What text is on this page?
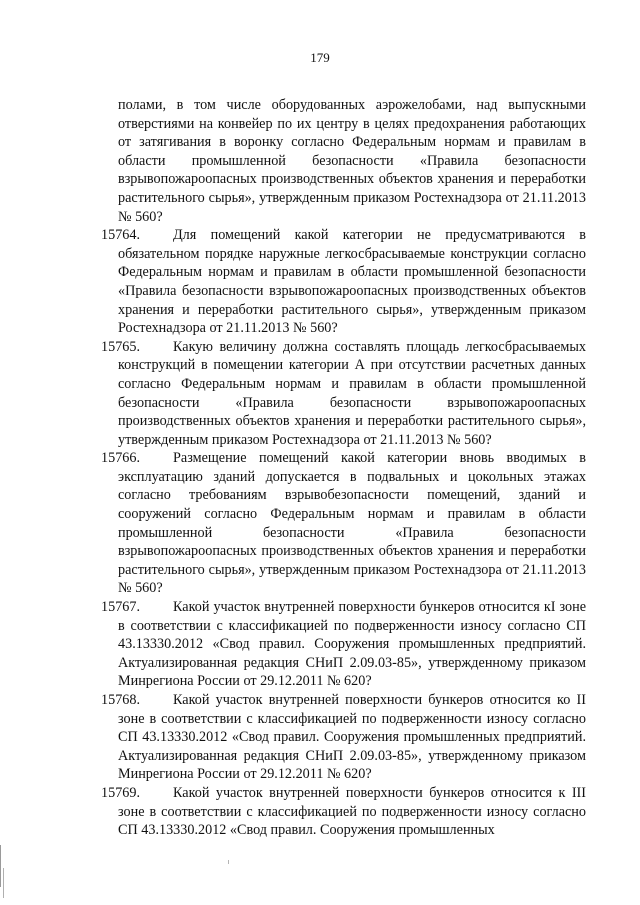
179

полами, в том числе оборудованных аэрожелобами, над выпускными отверстиями на конвейер по их центру в целях предохранения работающих от затягивания в воронку согласно Федеральным нормам и правилам в области промышленной безопасности «Правила безопасности взрывопожароопасных производственных объектов хранения и переработки растительного сырья», утвержденным приказом Ростехнадзора от 21.11.2013 № 560?

15764. Для помещений какой категории не предусматриваются в обязательном порядке наружные легкосбрасываемые конструкции согласно Федеральным нормам и правилам в области промышленной безопасности «Правила безопасности взрывопожароопасных производственных объектов хранения и переработки растительного сырья», утвержденным приказом Ростехнадзора от 21.11.2013 № 560?
15765. Какую величину должна составлять площадь легкосбрасываемых конструкций в помещении категории А при отсутствии расчетных данных согласно Федеральным нормам и правилам в области промышленной безопасности «Правила безопасности взрывопожароопасных производственных объектов хранения и переработки растительного сырья», утвержденным приказом Ростехнадзора от 21.11.2013 № 560?
15766. Размещение помещений какой категории вновь вводимых в эксплуатацию зданий допускается в подвальных и цокольных этажах согласно требованиям взрывобезопасности помещений, зданий и сооружений согласно Федеральным нормам и правилам в области промышленной безопасности «Правила безопасности взрывопожароопасных производственных объектов хранения и переработки растительного сырья», утвержденным приказом Ростехнадзора от 21.11.2013 № 560?
15767. Какой участок внутренней поверхности бункеров относится кI зоне в соответствии с классификацией по подверженности износу согласно СП 43.13330.2012 «Свод правил. Сооружения промышленных предприятий. Актуализированная редакция СНиП 2.09.03-85», утвержденному приказом Минрегиона России от 29.12.2011 № 620?
15768. Какой участок внутренней поверхности бункеров относится ко II зоне в соответствии с классификацией по подверженности износу согласно СП 43.13330.2012 «Свод правил. Сооружения промышленных предприятий. Актуализированная редакция СНиП 2.09.03-85», утвержденному приказом Минрегиона России от 29.12.2011 № 620?
15769. Какой участок внутренней поверхности бункеров относится к III зоне в соответствии с классификацией по подверженности износу согласно СП 43.13330.2012 «Свод правил. Сооружения промышленных
